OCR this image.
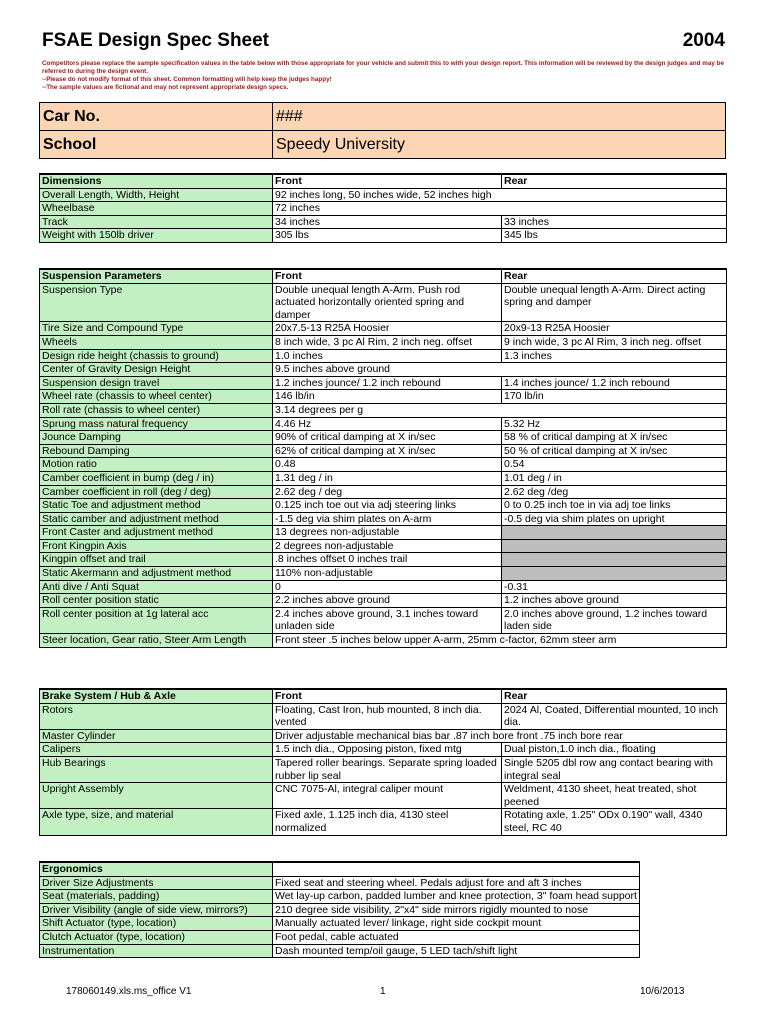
FSAE Design Spec Sheet	2004
Competitors please replace the sample specification values in the table below with those appropriate for your vehicle and submit this to with your design report. This information will be reviewed by the design judges and may be referred to during the design event.
--Please do not modify format of this sheet. Common formatting will help keep the judges happy!
--The sample values are fictional and may not represent appropriate design specs.
Car No.	###
School	Speedy University
Dimensions	Front	Rear
Overall Length, Width, Height	92 inches long, 50 inches wide, 52 inches high	
Wheelbase	72 inches	
Track	34 inches	33 inches
Weight with 150lb driver	305 lbs	345 lbs
Suspension Parameters	Front	Rear
Suspension Type	Double unequal length A-Arm. Push rod actuated horizontally oriented spring and damper	Double unequal length A-Arm. Direct acting spring and damper
Tire Size and Compound Type	20x7.5-13 R25A Hoosier	20x9-13 R25A Hoosier
Wheels	8 inch wide, 3 pc Al Rim, 2 inch neg. offset	9 inch wide, 3 pc Al Rim, 3 inch neg. offset
Design ride height (chassis to ground)	1.0 inches	1.3 inches
Center of Gravity Design Height	9.5 inches above ground	
Suspension design travel	1.2 inches jounce/ 1.2 inch rebound	1.4 inches jounce/ 1.2 inch rebound
Wheel rate (chassis to wheel center)	146 lb/in	170 lb/in
Roll rate (chassis to wheel center)	3.14 degrees per g	
Sprung mass natural frequency	4.46 Hz	5.32 Hz
Jounce Damping	90% of critical damping at X in/sec	58 % of critical damping at X in/sec
Rebound Damping	62% of critical damping at X in/sec	50 % of critical damping at X in/sec
Motion ratio	0.48	0.54
Camber coefficient in bump (deg / in)	1.31 deg / in	1.01 deg / in
Camber coefficient in roll (deg / deg)	2.62 deg / deg	2.62 deg /deg
Static Toe and adjustment method	0.125 inch toe out via adj steering links	0 to 0.25 inch toe in via adj toe links
Static camber and adjustment method	-1.5 deg via shim plates on A-arm	-0.5 deg via shim plates on upright
Front Caster and adjustment method	13 degrees non-adjustable	
Front Kingpin Axis	2 degrees non-adjustable	
Kingpin offset and trail	.8 inches offset 0 inches trail	
Static Akermann and adjustment method	110% non-adjustable	
Anti dive / Anti Squat	0	-0.31
Roll center position static	2.2 inches above ground	1.2 inches above ground
Roll center position at 1g lateral acc	2.4 inches above ground, 3.1 inches toward unladen side	2.0 inches above ground, 1.2 inches toward laden side
Steer location, Gear ratio, Steer Arm Length	Front steer .5 inches below upper A-arm, 25mm c-factor, 62mm steer arm	
Brake System / Hub & Axle	Front	Rear
Rotors	Floating, Cast Iron, hub mounted, 8 inch dia. vented	2024 Al, Coated, Differential mounted, 10 inch dia.
Master Cylinder	Driver adjustable mechanical bias bar .87 inch bore front .75 inch bore rear	
Calipers	1.5 inch dia., Opposing piston, fixed mtg	Dual piston,1.0 inch dia., floating
Hub Bearings	Tapered roller bearings. Separate spring loaded rubber lip seal	Single 5205 dbl row ang contact bearing with integral seal
Upright Assembly	CNC 7075-Al, integral caliper mount	Weldment, 4130 sheet, heat treated, shot peened
Axle type, size, and material	Fixed axle, 1.125 inch dia, 4130 steel normalized	Rotating axle, 1.25" ODx 0.190" wall, 4340 steel, RC 40
Ergonomics	
Driver Size Adjustments	Fixed seat and steering wheel. Pedals adjust fore and aft 3 inches
Seat (materials, padding)	Wet lay-up carbon, padded lumber and knee protection, 3" foam head support
Driver Visibility (angle of side view, mirrors?)	210 degree side visibility, 2"x4" side mirrors rigidly mounted to nose
Shift Actuator (type, location)	Manually actuated lever/ linkage, right side cockpit mount
Clutch Actuator (type, location)	Foot pedal, cable actuated
Instrumentation	Dash mounted temp/oil gauge, 5 LED tach/shift light
178060149.xls.ms_office V1	1	10/6/2013
